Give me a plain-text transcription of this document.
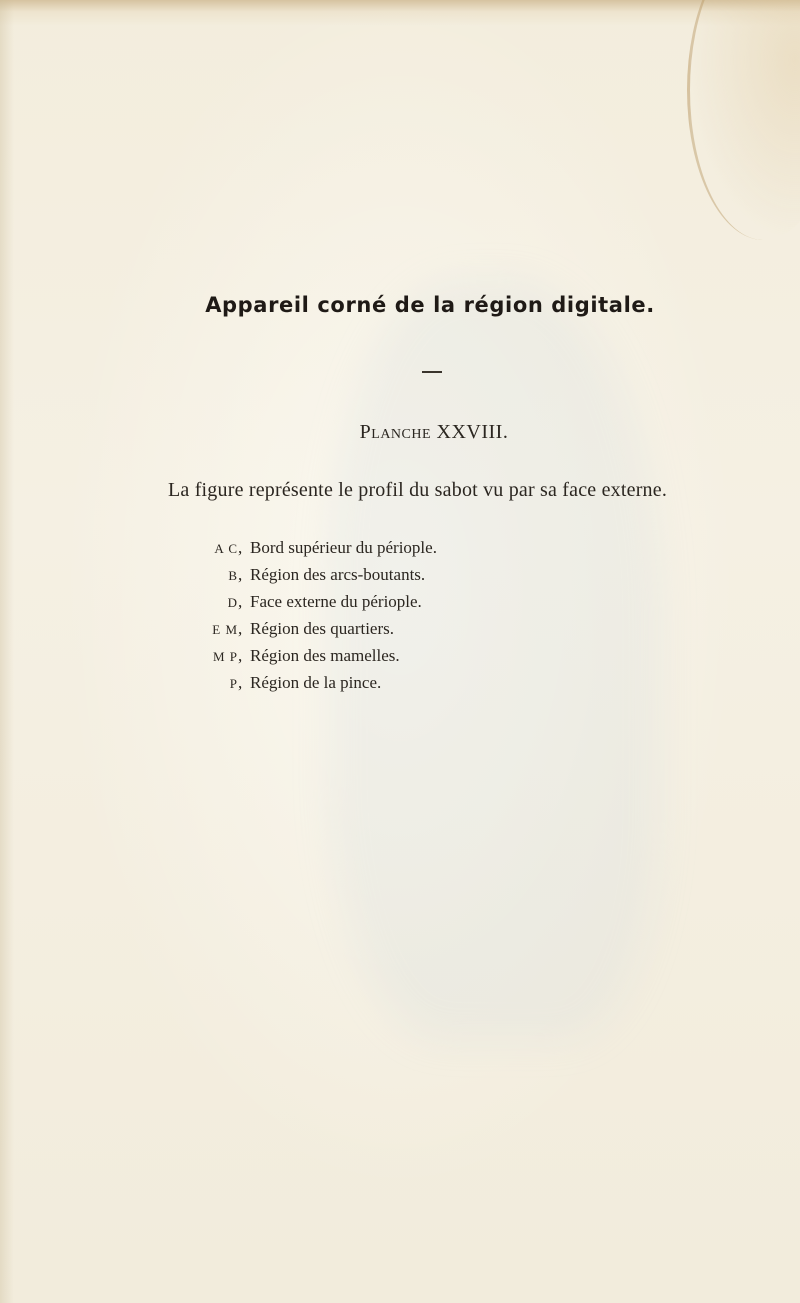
Appareil corné de la région digitale.
Planche XXVIII.
La figure représente le profil du sabot vu par sa face externe.
A C , Bord supérieur du périople.
B , Région des arcs-boutants.
D , Face externe du périople.
E M , Région des quartiers.
M P , Région des mamelles.
P , Région de la pince.
